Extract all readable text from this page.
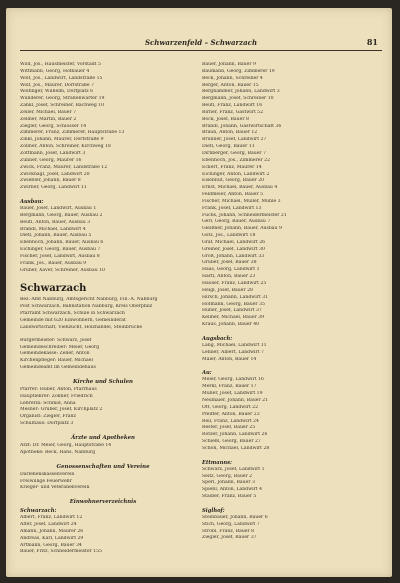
Schwarzenfeld – Schwarzach	81
Wild, Jos., Hausmeister, Vorstadt 5
Wittmann, Georg, Hofbauer 4
Wolf, Jos., Landwirt, Landstraße 15
Wolf, Jos., Maurer, Dorfstraße 7
Wolfinger, Wilhelm, Dorfplatz 6
Wunderer, Georg, Straßenwärter 19
Zankl, Josef, Schreiner, Bachweg 10
Zeller, Michael, Bauer 7
Zellner, Martin, Bauer 2
Ziegler, Georg, Schlosser 14
Zimmerer, Franz, Zimmerer, Hauptstraße 13
Zinkl, Johann, Maurer, Dorfstraße 9
Zollner, Anton, Schreiner, Kirchweg 18
Zottmann, Josef, Landwirt 3
Zunner, Georg, Maurer 16
Zwick, Franz, Maurer, Landstraße 12
Zwicknagl, Josef, Landwirt 20
Zwießler, Johann, Bauer 8
Zwirner, Georg, Landwirt 11
Ausbau:
Bauer, Josef, Landwirt, Ausbau 1
Bergmann, Georg, Bauer, Ausbau 2
Beutl, Anton, Bauer, Ausbau 3
Brandl, Michael, Landwirt 4
Dietl, Johann, Bauer, Ausbau 5
Ebenhöch, Johann, Bauer, Ausbau 6
Eichinger, Georg, Bauer, Ausbau 7
Fischer, Josef, Landwirt, Ausbau 8
Frank, Jos., Bauer, Ausbau 9
Gruber, Xaver, Schreiner, Ausbau 10
Schwarzach
Bez.-Amt Nabburg, Amtsgericht Nabburg, Fin.-A. Nabburg
Post Schwarzach, Bahnstation Nabburg, Kreis Oberpfalz
Pfarramt Schwarzach, Schule in Schwarzach
Gemeinde mit 620 Einwohnern, Gemeinderat
Landwirtschaft, Viehzucht, Holzhandel, Steinbrüche
Bürgermeister: Schwarz, Josef
Gemeindeschreiber: Meier, Georg
Gemeindekasse: Zeller, Anton
Kirchenpfleger: Bauer, Michael
Gemeindeamt im Gemeindehaus
Kirche und Schulen
Pfarrer: Huber, Anton, Pfarrhaus
Hauptlehrer: Zöllner, Friedrich
Lehrerin: Schmid, Anna
Mesner: Gruber, Josef, Kirchplatz 2
Organist: Ziegler, Franz
Schulhaus: Dorfplatz 3
Ärzte und Apotheken
Arzt: Dr. Meier, Georg, Hauptstraße 14
Apotheke: Beck, Hans, Nabburg
Genossenschaften und Vereine
Darlehenskassenverein
Freiwillige Feuerwehr
Krieger- und Veteranenverein
Einwohnerverzeichnis
Schwarzach:
Albert, Franz, Landwirt 12
Alter, Josef, Landwirt 24
Amann, Johann, Maurer 26
Andreas, Karl, Landwirt 29
Artmann, Georg, Bauer 34
Bauer, Fritz, Schneidermeister 155
Bauer, Johann, Bauer 9
Baumann, Georg, Zimmerer 19
Beck, Johann, Schreiner 4
Berger, Anton, Bauer 15
Berghammer, Johann, Landwirt 3
Bergmann, Josef, Schreiner 10
Beutl, Franz, Landwirt 16
Birner, Franz, Gastwirt 52
Bock, Josef, Bauer 8
Brandl, Johann, Gastwirtschaft 36
Braun, Anton, Bauer 12
Brunner, Josef, Landwirt 27
Dietl, Georg, Bauer 11
Dirnberger, Georg, Bauer 7
Ebenhöch, Jos., Zimmerer 22
Eckert, Franz, Maurer 14
Eichinger, Anton, Landwirt 2
Eisenhut, Georg, Bauer 20
Ernst, Michael, Bauer, Ausbau 4
Feldmeier, Anton, Bauer 5
Fischer, Michael, Müller, Mühle 3
Frank, Josef, Landwirt 13
Fuchs, Johann, Schneidermeister 21
Gerl, Georg, Bauer, Ausbau 7
Gleißner, Johann, Bauer, Ausbau 9
Götz, Jos., Landwirt 18
Graf, Michael, Landwirt 26
Greiner, Josef, Landwirt 30
Groß, Johann, Landwirt 33
Gruber, Josef, Bauer 38
Haas, Georg, Landwirt 1
Hartl, Anton, Bauer 23
Hauser, Franz, Landwirt 25
Heigl, Josef, Bauer 28
Hirsch, Johann, Landwirt 31
Hofmann, Georg, Bauer 35
Huber, Josef, Landwirt 37
Kellner, Michael, Bauer 39
Kraus, Johann, Bauer 40
Augsbach:
Lang, Michael, Landwirt 11
Lehner, Albert, Landwirt 7
Maier, Anton, Bauer 14
Au:
Meier, Georg, Landwirt 16
Merkl, Franz, Bauer 17
Müller, Josef, Landwirt 19
Neumaier, Johann, Bauer 21
Ott, Georg, Landwirt 22
Pfeiffer, Anton, Bauer 23
Reil, Franz, Landwirt 24
Rester, Josef, Bauer 25
Rötzer, Johann, Landwirt 26
Schießl, Georg, Bauer 27
Schön, Michael, Landwirt 28
Ettmanns:
Schwarz, Josef, Landwirt 1
Seitz, Georg, Bauer 2
Sperl, Johann, Bauer 3
Spießl, Anton, Landwirt 4
Stadler, Franz, Bauer 5
Siglhof:
Steinbauer, Johann, Bauer 6
Stich, Georg, Landwirt 7
Strobl, Franz, Bauer 8
Ziegler, Josef, Bauer 37
